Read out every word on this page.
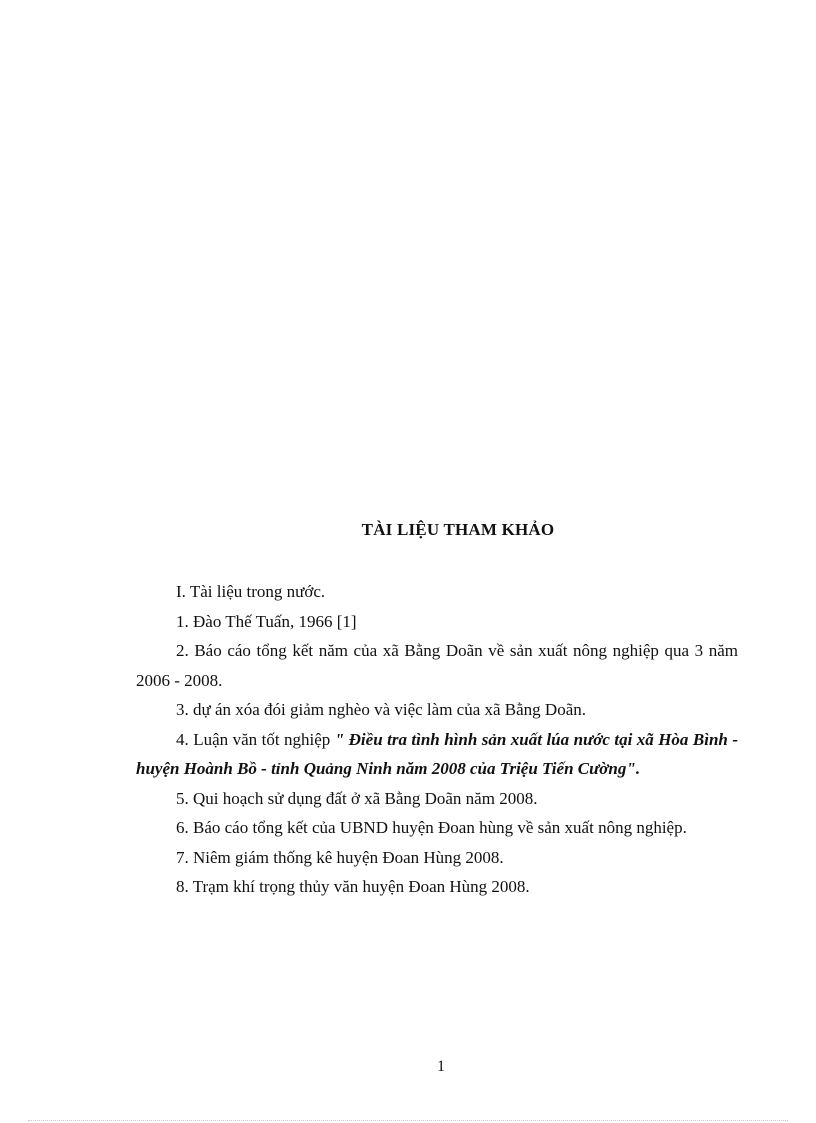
TÀI LIỆU THAM KHẢO

I. Tài liệu trong nước.

1. Đào Thế Tuấn, 1966 [1]

2. Báo cáo tổng kết năm của xã Bằng Doãn về sản xuất nông nghiệp qua 3 năm 2006 - 2008.

3. dự án xóa đói giảm nghèo và việc làm của xã Bằng Doãn.

4. Luận văn tốt nghiệp " Điều tra tình hình sản xuất lúa nước tại xã Hòa Bình - huyện Hoành Bồ - tỉnh Quảng Ninh năm 2008 của Triệu Tiến Cường".

5. Qui hoạch sử dụng đất ở xã Bằng Doãn năm 2008.

6. Báo cáo tổng kết của UBND huyện Đoan hùng về sản xuất nông nghiệp.

7. Niêm giám thống kê huyện Đoan Hùng 2008.

8. Trạm khí trọng thủy văn huyện Đoan Hùng 2008.

1
